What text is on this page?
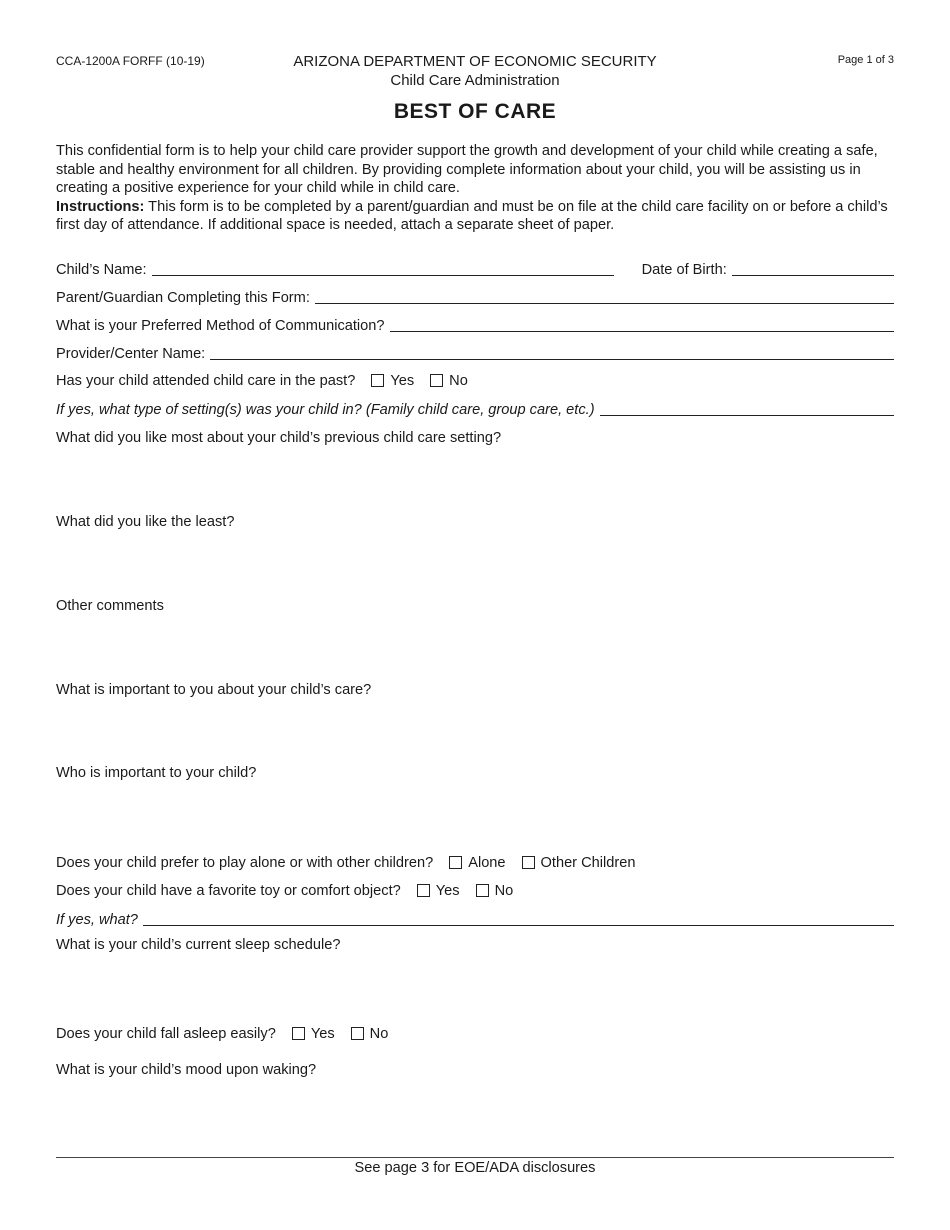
CCA-1200A FORFF (10-19)	ARIZONA DEPARTMENT OF ECONOMIC SECURITY
Child Care Administration
Page 1 of 3
BEST OF CARE
This confidential form is to help your child care provider support the growth and development of your child while creating a safe, stable and healthy environment for all children. By providing complete information about your child, you will be assisting us in creating a positive experience for your child while in child care.
Instructions: This form is to be completed by a parent/guardian and must be on file at the child care facility on or before a child’s first day of attendance. If additional space is needed, attach a separate sheet of paper.
Child’s Name:	Date of Birth:
Parent/Guardian Completing this Form:
What is your Preferred Method of Communication?
Provider/Center Name:
Has your child attended child care in the past? Yes No
If yes, what type of setting(s) was your child in? (Family child care, group care, etc.)
What did you like most about your child’s previous child care setting?
What did you like the least?
Other comments
What is important to you about your child’s care?
Who is important to your child?
Does your child prefer to play alone or with other children? Alone Other Children
Does your child have a favorite toy or comfort object? Yes No
If yes, what?
What is your child’s current sleep schedule?
Does your child fall asleep easily? Yes No
What is your child’s mood upon waking?
See page 3 for EOE/ADA disclosures
